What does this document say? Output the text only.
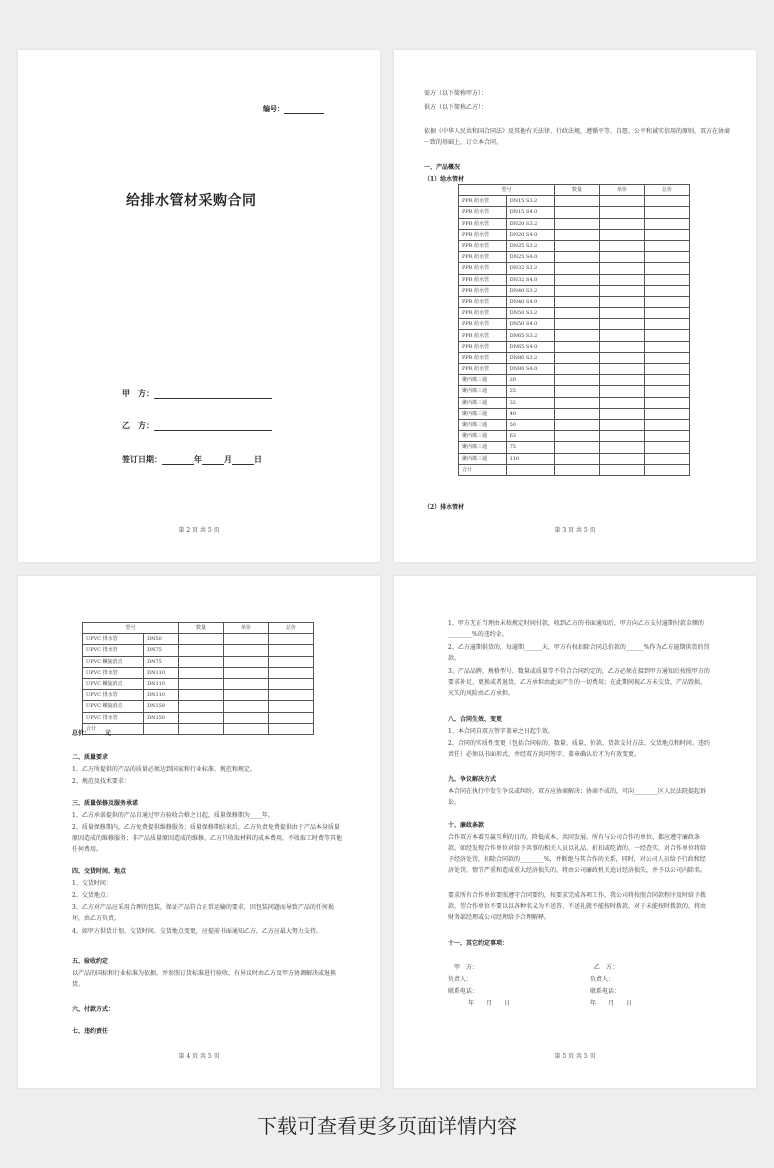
编号：
给排水管材采购合同
甲　方：
乙　方：
签订日期：	年	月	日
第 2 页 共 5 页
需方（以下简称甲方）：
供方（以下简称乙方）：
依据《中华人民共和国合同法》及其他有关法律、行政法规，遵循平等、自愿、公平和诚实信用的原则，双方在协商一致的基础上，订立本合同。
一、产品概况
（1）给水管材
型号		数量	单价	总价
PPR 给水管	DN15 S3.2			
PPR 给水管	DN15 S4.0			
PPR 给水管	DN20 S3.2			
PPR 给水管	DN20 S4.0			
PPR 给水管	DN25 S3.2			
PPR 给水管	DN25 S4.0			
PPR 给水管	DN32 S3.2			
PPR 给水管	DN32 S4.0			
PPR 给水管	DN40 S3.2			
PPR 给水管	DN40 S4.0			
PPR 给水管	DN50 S3.2			
PPR 给水管	DN50 S4.0			
PPR 给水管	DN65 S3.2			
PPR 给水管	DN65 S4.0			
PPR 给水管	DN80 S3.2			
PPR 给水管	DN80 S4.0			
聚丙烯三通	20			
聚丙烯三通	25			
聚丙烯三通	32			
聚丙烯三通	40			
聚丙烯三通	50			
聚丙烯三通	63			
聚丙烯三通	75			
聚丙烯三通	110			
合计				
（2）排水管材
第 3 页 共 5 页
型号		数量	单价	总价
UPVC 排水管	DN50			
UPVC 排水管	DN75			
UPVC 螺旋消音	DN75			
UPVC 排水管	DN110			
UPVC 螺旋消音	DN110			
UPVC 排水管	DN110			
UPVC 螺旋消音	DN150			
UPVC 排水管	DN150			
合计				
总价：　　　元
二、质量要求
1、乙方所提供的产品的质量必须达到国家和行业标准、规范和规定。
2、规范及技术要求：
三、质量保修及服务承诺
1、乙方承诺提供的产品自通过甲方验收合格之日起，质量保修期为____年。
2、质量保修期内，乙方免费提供维修服务；质量保修期结束后，乙方负责免费提供由于产品本身质量原因造成的维修服务；非产品质量原因造成的维修，乙方只收取材料的成本费用，不收取工时费等其他任何费用。
四、交货时间、地点
1、交货时间：
2、交货地点：
3、乙方对产品应采用合理的包装，保证产品符合正常运输的要求，因包装问题而导致产品的任何损坏，由乙方负责。
4、如甲方供货计划、交货时间、交货地点变更，应提前书面通知乙方，乙方应最大努力支持。
五、验收约定
以产品的国标和行业标准为依据，并参照订货标准进行验收，有异议时由乙方及甲方协调解决或退换货。
六、付款方式：
七、违约责任
第 4 页 共 5 页
1、甲方无正当理由未按规定时间付款，收到乙方的书面通知后，甲方向乙方支付逾期付款金额的________%的违约金。
2、乙方逾期供货的，每逾期______天，甲方有权扣除合同总价款的______%作为乙方逾期供货的罚款。
3、产品品牌、规格型号、数量或质量等不符合合同约定的，乙方必须在接到甲方通知后按照甲方的要求补足、更换或者退货，乙方承担由此而产生的一切费用；在此期间视乙方未交货，产品毁损、灭失的风险由乙方承担。
八、合同生效、变更
1、本合同自双方签字盖章之日起生效。
2、合同的实质性变更（包括合同标的、数量、质量、价款、货款支付方法、交货地点和时间、违约责任）必须以书面形式，并经双方共同签字、盖章确认后才为有效变更。
九、争议解决方式
本合同在执行中发生争议或纠纷，双方应协商解决；协商不成的，可向________区人民法院提起诉讼。
十、廉政条款
合作双方本着互赢互利的目的，降低成本、共同发展。所有与公司合作的单位，都应遵守廉政条款。如经发现合作单位对给予共事的相关人员以礼品、折扣或吃请的，一经查实，对合作单位将给予经济处罚，扣除合同款的________%，并断绝与其合作的关系，同时，对公司人员给予行政和经济处罚，情节严重和造成重大经济损失的，将由公司廉政机关追讨经济损失，并予以公司内除名。
要求所有合作单位要照遵守合同要约，按要求完成各项工作，我公司将按照合同款程序及时给予拨款，望合作单位不要以以各种名义为不送答、不送礼就不能按时拨款，对于未能按时拨款的，将由财务部经理或公司经理给予合理解释。
十一、其它约定事项：
甲　方：	乙　方：
负责人：	负责人：
联系电话：	联系电话：
年　　月　　日	年　　月　　日
第 5 页 共 5 页
下载可查看更多页面详情内容
